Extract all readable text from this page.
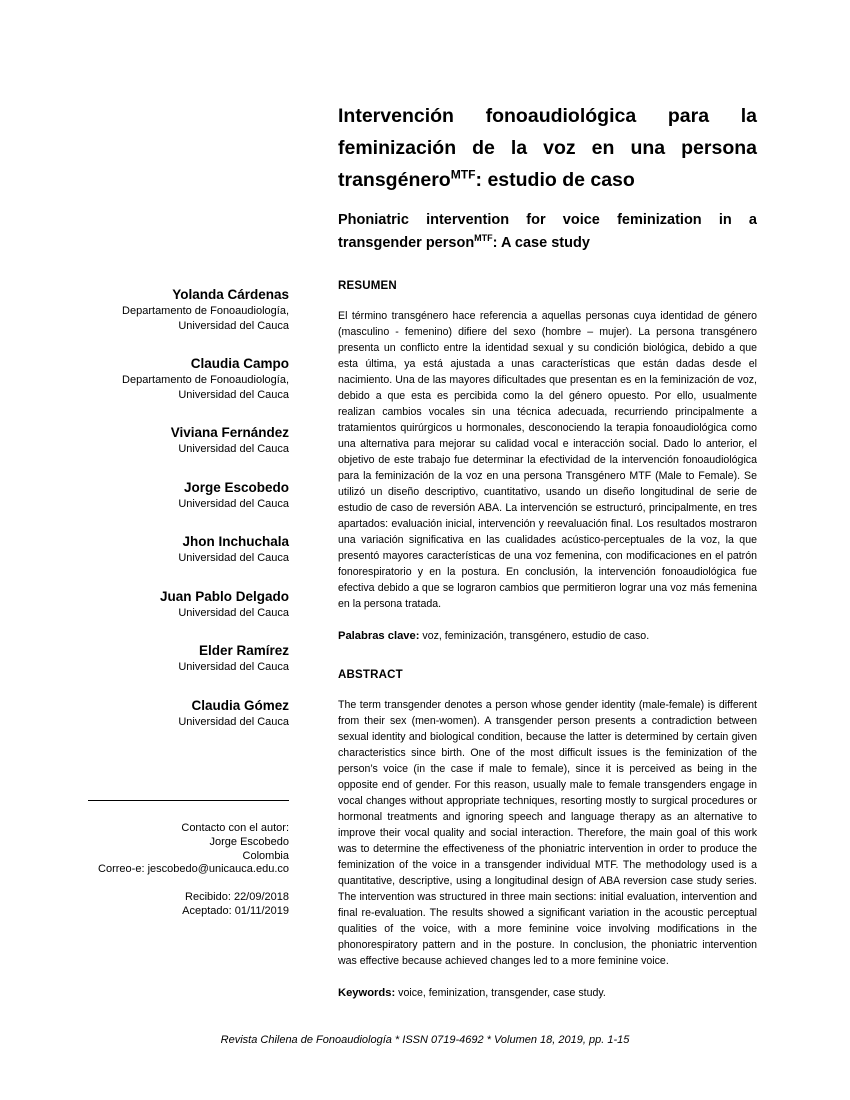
Yolanda Cárdenas
Departamento de Fonoaudiología,
Universidad del Cauca
Claudia Campo
Departamento de Fonoaudiología,
Universidad del Cauca
Viviana Fernández
Universidad del Cauca
Jorge Escobedo
Universidad del Cauca
Jhon Inchuchala
Universidad del Cauca
Juan Pablo Delgado
Universidad del Cauca
Elder Ramírez
Universidad del Cauca
Claudia Gómez
Universidad del Cauca
Contacto con el autor:
Jorge Escobedo
Colombia
Correo-e: jescobedo@unicauca.edu.co
Recibido: 22/09/2018
Aceptado: 01/11/2019
Intervención fonoaudiológica para la
feminización de la voz en una persona
transgénero$^{MTF}$: estudio de caso
Phoniatric intervention for voice feminization in a
transgender person$^{MTF}$: A case study
RESUMEN

El término transgénero hace referencia a aquellas personas cuya identidad de género (masculino - femenino) difiere del sexo (hombre – mujer). La persona transgénero presenta un conflicto entre la identidad sexual y su condición biológica, debido a que esta última, ya está ajustada a unas características que están dadas desde el nacimiento. Una de las mayores dificultades que presentan es en la feminización de voz, debido a que esta es percibida como la del género opuesto. Por ello, usualmente realizan cambios vocales sin una técnica adecuada, recurriendo principalmente a tratamientos quirúrgicos u hormonales, desconociendo la terapia fonoaudiológica como una alternativa para mejorar su calidad vocal e interacción social. Dado lo anterior, el objetivo de este trabajo fue determinar la efectividad de la intervención fonoaudiológica para la feminización de la voz en una persona Transgénero MTF (Male to Female). Se utilizó un diseño descriptivo, cuantitativo, usando un diseño longitudinal de serie de estudio de caso de reversión ABA. La intervención se estructuró, principalmente, en tres apartados: evaluación inicial, intervención y reevaluación final. Los resultados mostraron una variación significativa en las cualidades acústico-perceptuales de la voz, la que presentó mayores características de una voz femenina, con modificaciones en el patrón fonorespiratorio y en la postura. En conclusión, la intervención fonoaudiológica fue efectiva debido a que se lograron cambios que permitieron lograr una voz más femenina en la persona tratada.

Palabras clave: voz, feminización, transgénero, estudio de caso.

ABSTRACT

The term transgender denotes a person whose gender identity (male-female) is different from their sex (men-women). A transgender person presents a contradiction between sexual identity and biological condition, because the latter is determined by certain given characteristics since birth. One of the most difficult issues is the feminization of the person’s voice (in the case if male to female), since it is perceived as being in the opposite end of gender. For this reason, usually male to female transgenders engage in vocal changes without appropriate techniques, resorting mostly to surgical procedures or hormonal treatments and ignoring speech and language therapy as an alternative to improve their vocal quality and social interaction. Therefore, the main goal of this work was to determine the effectiveness of the phoniatric intervention in order to produce the feminization of the voice in a transgender individual MTF. The methodology used is a quantitative, descriptive, using a longitudinal design of ABA reversion case study series. The intervention was structured in three main sections: initial evaluation, intervention and final re-evaluation. The results showed a significant variation in the acoustic perceptual qualities of the voice, with a more feminine voice involving modifications in the phonorespiratory pattern and in the posture. In conclusion, the phoniatric intervention was effective because achieved changes led to a more feminine voice.

Keywords: voice, feminization, transgender, case study.

Revista Chilena de Fonoaudiología * ISSN 0719-4692 * Volumen 18, 2019, pp. 1-15
